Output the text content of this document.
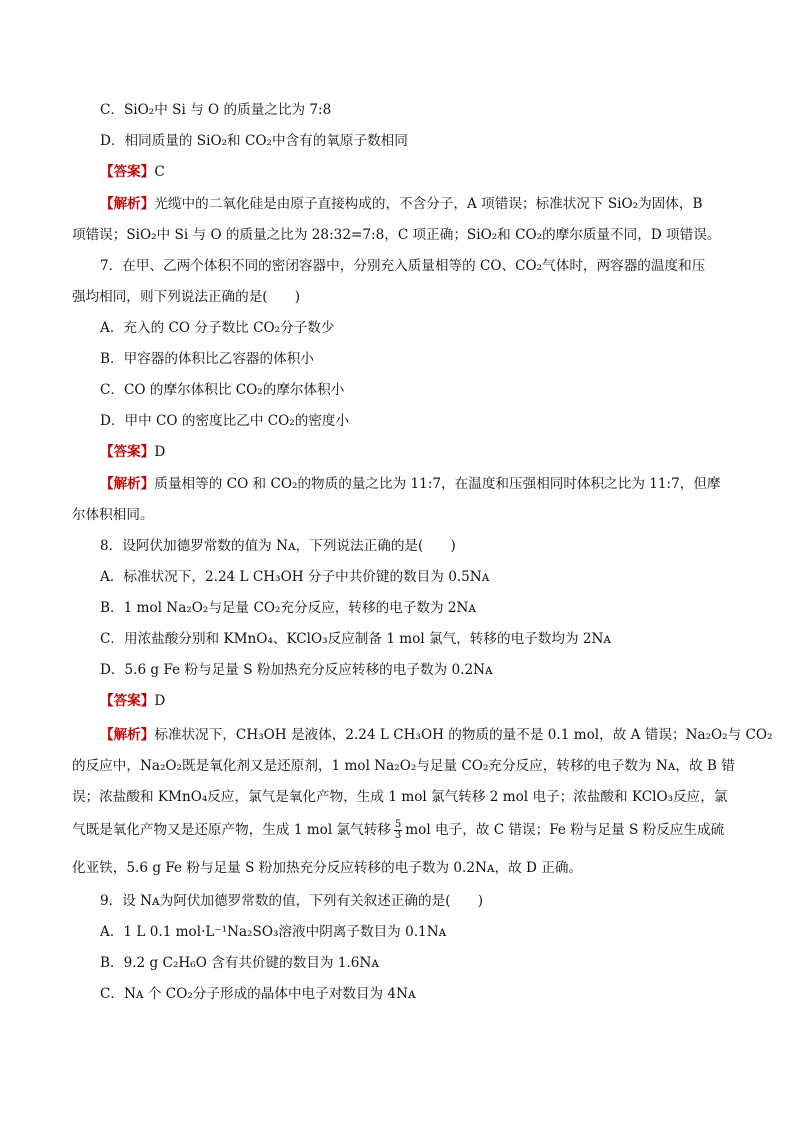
C．SiO₂中 Si 与 O 的质量之比为 7:8
D．相同质量的 SiO₂和 CO₂中含有的氧原子数相同
【答案】C
【解析】光缆中的二氧化硅是由原子直接构成的，不含分子，A 项错误；标准状况下 SiO₂为固体，B
项错误；SiO₂中 Si 与 O 的质量之比为 28:32=7:8，C 项正确；SiO₂和 CO₂的摩尔质量不同，D 项错误。
7．在甲、乙两个体积不同的密闭容器中，分别充入质量相等的 CO、CO₂气体时，两容器的温度和压
强均相同，则下列说法正确的是(　　)
A．充入的 CO 分子数比 CO₂分子数少
B．甲容器的体积比乙容器的体积小
C．CO 的摩尔体积比 CO₂的摩尔体积小
D．甲中 CO 的密度比乙中 CO₂的密度小
【答案】D
【解析】质量相等的 CO 和 CO₂的物质的量之比为 11:7，在温度和压强相同时体积之比为 11:7，但摩
尔体积相同。
8．设阿伏加德罗常数的值为 Nᴀ，下列说法正确的是(　　)
A．标准状况下，2.24 L CH₃OH 分子中共价键的数目为 0.5Nᴀ
B．1 mol Na₂O₂与足量 CO₂充分反应，转移的电子数为 2Nᴀ
C．用浓盐酸分别和 KMnO₄、KClO₃反应制备 1 mol 氯气，转移的电子数均为 2Nᴀ
D．5.6 g Fe 粉与足量 S 粉加热充分反应转移的电子数为 0.2Nᴀ
【答案】D
【解析】标准状况下，CH₃OH 是液体，2.24 L CH₃OH 的物质的量不是 0.1 mol，故 A 错误；Na₂O₂与 CO₂
的反应中，Na₂O₂既是氧化剂又是还原剂，1 mol Na₂O₂与足量 CO₂充分反应，转移的电子数为 Nᴀ，故 B 错
误；浓盐酸和 KMnO₄反应，氯气是氧化产物，生成 1 mol 氯气转移 2 mol 电子；浓盐酸和 KClO₃反应，氯
气既是氧化产物又是还原产物，生成 1 mol 氯气转移 $\frac{5}{3}$ mol 电子，故 C 错误；Fe 粉与足量 S 粉反应生成硫
化亚铁，5.6 g Fe 粉与足量 S 粉加热充分反应转移的电子数为 0.2Nᴀ，故 D 正确。
9．设 Nᴀ为阿伏加德罗常数的值，下列有关叙述正确的是(　　)
A．1 L 0.1 mol·L⁻¹Na₂SO₃溶液中阴离子数目为 0.1Nᴀ
B．9.2 g C₂H₆O 含有共价键的数目为 1.6Nᴀ
C．Nᴀ 个 CO₂分子形成的晶体中电子对数目为 4Nᴀ
